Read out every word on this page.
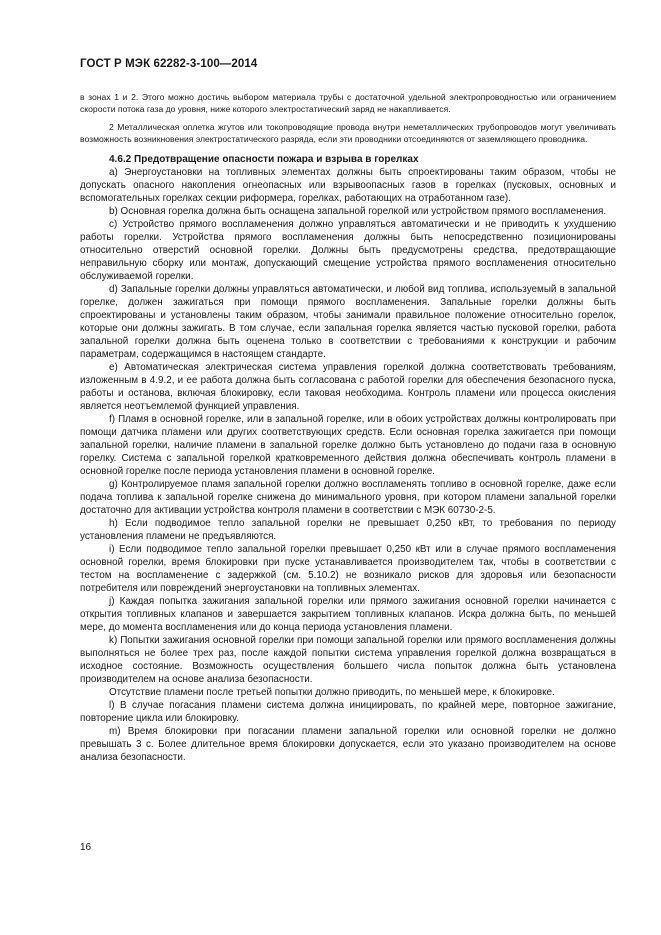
ГОСТ Р МЭК 62282-3-100—2014

в зонах 1 и 2. Этого можно достичь выбором материала трубы с достаточной удельной электропроводностью или ограничением скорости потока газа до уровня, ниже которого электростатический заряд не накапливается.

2 Металлическая оплетка жгутов или токопроводящие провода внутри неметаллических трубопроводов могут увеличивать возможность возникновения электростатического разряда, если эти проводники отсоединяются от заземляющего проводника.

4.6.2 Предотвращение опасности пожара и взрыва в горелках

а) Энергоустановки на топливных элементах должны быть спроектированы таким образом, чтобы не допускать опасного накопления огнеопасных или взрывоопасных газов в горелках (пусковых, основных и вспомогательных горелках секции риформера, горелках, работающих на отработанном газе).

b) Основная горелка должна быть оснащена запальной горелкой или устройством прямого воспламенения.

c) Устройство прямого воспламенения должно управляться автоматически и не приводить к ухудшению работы горелки. Устройства прямого воспламенения должны быть непосредственно позиционированы относительно отверстий основной горелки. Должны быть предусмотрены средства, предотвращающие неправильную сборку или монтаж, допускающий смещение устройства прямого воспламенения относительно обслуживаемой горелки.

d) Запальные горелки должны управляться автоматически, и любой вид топлива, используемый в запальной горелке, должен зажигаться при помощи прямого воспламенения. Запальные горелки должны быть спроектированы и установлены таким образом, чтобы занимали правильное положение относительно горелок, которые они должны зажигать. В том случае, если запальная горелка является частью пусковой горелки, работа запальной горелки должна быть оценена только в соответствии с требованиями к конструкции и рабочим параметрам, содержащимся в настоящем стандарте.

e) Автоматическая электрическая система управления горелкой должна соответствовать требованиям, изложенным в 4.9.2, и ее работа должна быть согласована с работой горелки для обеспечения безопасного пуска, работы и останова, включая блокировку, если таковая необходима. Контроль пламени или процесса окисления является неотъемлемой функцией управления.

f) Пламя в основной горелке, или в запальной горелке, или в обоих устройствах должны контролировать при помощи датчика пламени или других соответствующих средств. Если основная горелка зажигается при помощи запальной горелки, наличие пламени в запальной горелке должно быть установлено до подачи газа в основную горелку. Система с запальной горелкой кратковременного действия должна обеспечивать контроль пламени в основной горелке после периода установления пламени в основной горелке.

g) Контролируемое пламя запальной горелки должно воспламенять топливо в основной горелке, даже если подача топлива к запальной горелке снижена до минимального уровня, при котором пламени запальной горелки достаточно для активации устройства контроля пламени в соответствии с МЭК 60730-2-5.

h) Если подводимое тепло запальной горелки не превышает 0,250 кВт, то требования по периоду установления пламени не предъявляются.

i) Если подводимое тепло запальной горелки превышает 0,250 кВт или в случае прямого воспламенения основной горелки, время блокировки при пуске устанавливается производителем так, чтобы в соответствии с тестом на воспламенение с задержкой (см. 5.10.2) не возникало рисков для здоровья или безопасности потребителя или повреждений энергоустановки на топливных элементах.

j) Каждая попытка зажигания запальной горелки или прямого зажигания основной горелки начинается с открытия топливных клапанов и завершается закрытием топливных клапанов. Искра должна быть, по меньшей мере, до момента воспламенения или до конца периода установления пламени.

k) Попытки зажигания основной горелки при помощи запальной горелки или прямого воспламенения должны выполняться не более трех раз, после каждой попытки система управления горелкой должна возвращаться в исходное состояние. Возможность осуществления большего числа попыток должна быть установлена производителем на основе анализа безопасности.

Отсутствие пламени после третьей попытки должно приводить, по меньшей мере, к блокировке.

l) В случае погасания пламени система должна инициировать, по крайней мере, повторное зажигание, повторение цикла или блокировку.

m) Время блокировки при погасании пламени запальной горелки или основной горелки не должно превышать 3 с. Более длительное время блокировки допускается, если это указано производителем на основе анализа безопасности.

16
